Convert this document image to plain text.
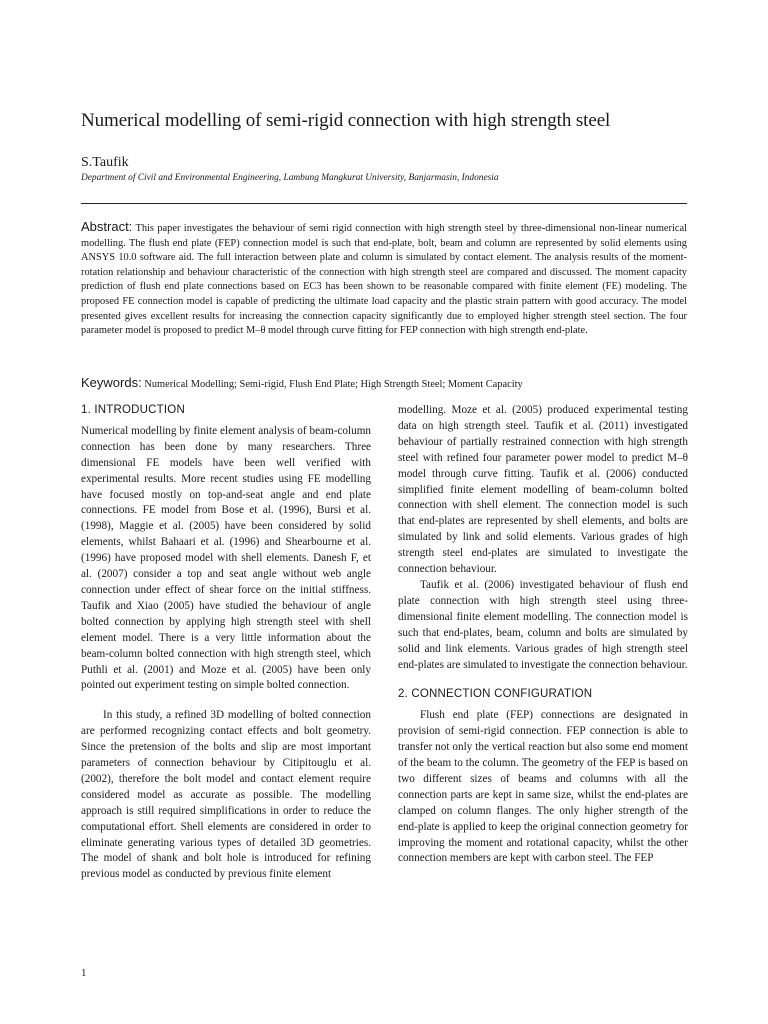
Numerical modelling of semi-rigid connection with high strength steel
S.Taufik
Department of Civil and Environmental Engineering, Lambung Mangkurat University, Banjarmasin, Indonesia

Abstract: This paper investigates the behaviour of semi rigid connection with high strength steel by three-dimensional non-linear numerical modelling. The flush end plate (FEP) connection model is such that end-plate, bolt, beam and column are represented by solid elements using ANSYS 10.0 software aid. The full interaction between plate and column is simulated by contact element. The analysis results of the moment- rotation relationship and behaviour characteristic of the connection with high strength steel are compared and discussed. The moment capacity prediction of flush end plate connections based on EC3 has been shown to be reasonable compared with finite element (FE) modeling. The proposed FE connection model is capable of predicting the ultimate load capacity and the plastic strain pattern with good accuracy. The model presented gives excellent results for increasing the connection capacity significantly due to employed higher strength steel section. The four parameter model is proposed to predict M–θ model through curve fitting for FEP connection with high strength end-plate.

Keywords: Numerical Modelling; Semi-rigid, Flush End Plate; High Strength Steel; Moment Capacity

1. INTRODUCTION

Numerical modelling by finite element analysis of beam-column connection has been done by many researchers. Three dimensional FE models have been well verified with experimental results. More recent studies using FE modelling have focused mostly on top-and-seat angle and end plate connections. FE model from Bose et al. (1996), Bursi et al. (1998), Maggie et al. (2005) have been considered by solid elements, whilst Bahaari et al. (1996) and Shearbourne et al. (1996) have proposed model with shell elements. Danesh F, et al. (2007) consider a top and seat angle without web angle connection under effect of shear force on the initial stiffness. Taufik and Xiao (2005) have studied the behaviour of angle bolted connection by applying high strength steel with shell element model. There is a very little information about the beam-column bolted connection with high strength steel, which Puthli et al. (2001) and Moze et al. (2005) have been only pointed out experiment testing on simple bolted connection.

In this study, a refined 3D modelling of bolted connection are performed recognizing contact effects and bolt geometry. Since the pretension of the bolts and slip are most important parameters of connection behaviour by Citipitouglu et al. (2002), therefore the bolt model and contact element require considered model as accurate as possible. The modelling approach is still required simplifications in order to reduce the computational effort. Shell elements are considered in order to eliminate generating various types of detailed 3D geometries. The model of shank and bolt hole is introduced for refining previous model as conducted by previous finite element

modelling. Moze et al. (2005) produced experimental testing data on high strength steel. Taufik et al. (2011) investigated behaviour of partially restrained connection with high strength steel with refined four parameter power model to predict M–θ model through curve fitting. Taufik et al. (2006) conducted simplified finite element modelling of beam-column bolted connection with shell element. The connection model is such that end-plates are represented by shell elements, and bolts are simulated by link and solid elements. Various grades of high strength steel end-plates are simulated to investigate the connection behaviour.

Taufik et al. (2006) investigated behaviour of flush end plate connection with high strength steel using three-dimensional finite element modelling. The connection model is such that end-plates, beam, column and bolts are simulated by solid and link elements. Various grades of high strength steel end-plates are simulated to investigate the connection behaviour.

2. CONNECTION CONFIGURATION

Flush end plate (FEP) connections are designated in provision of semi-rigid connection. FEP connection is able to transfer not only the vertical reaction but also some end moment of the beam to the column. The geometry of the FEP is based on two different sizes of beams and columns with all the connection parts are kept in same size, whilst the end-plates are clamped on column flanges. The only higher strength of the end-plate is applied to keep the original connection geometry for improving the moment and rotational capacity, whilst the other connection members are kept with carbon steel. The FEP

1
